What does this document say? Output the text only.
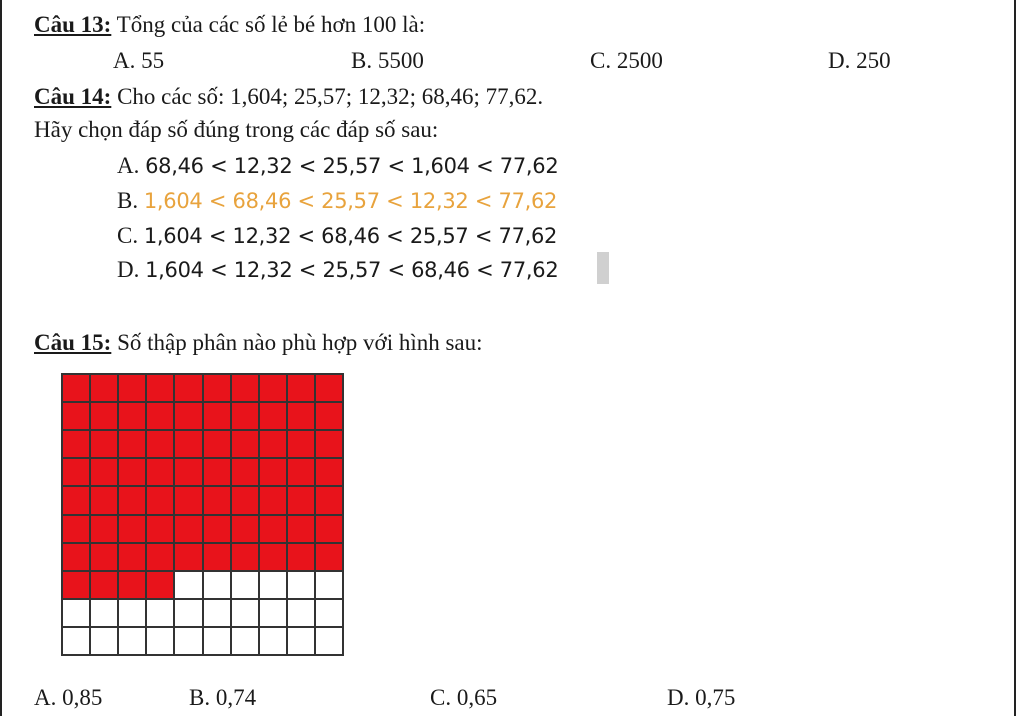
Câu 13: Tổng của các số lẻ bé hơn 100 là:
A. 55	B. 5500	C. 2500	D. 250
Câu 14: Cho các số: 1,604; 25,57; 12,32; 68,46; 77,62.
Hãy chọn đáp số đúng trong các đáp số sau:
A. 68,46 < 12,32 < 25,57 < 1,604 < 77,62
B. 1,604 < 68,46 < 25,57 < 12,32 < 77,62
C. 1,604 < 12,32 < 68,46 < 25,57 < 77,62
D. 1,604 < 12,32 < 25,57 < 68,46 < 77,62
Câu 15: Số thập phân nào phù hợp với hình sau:
A. 0,85	B. 0,74	C. 0,65	D. 0,75
